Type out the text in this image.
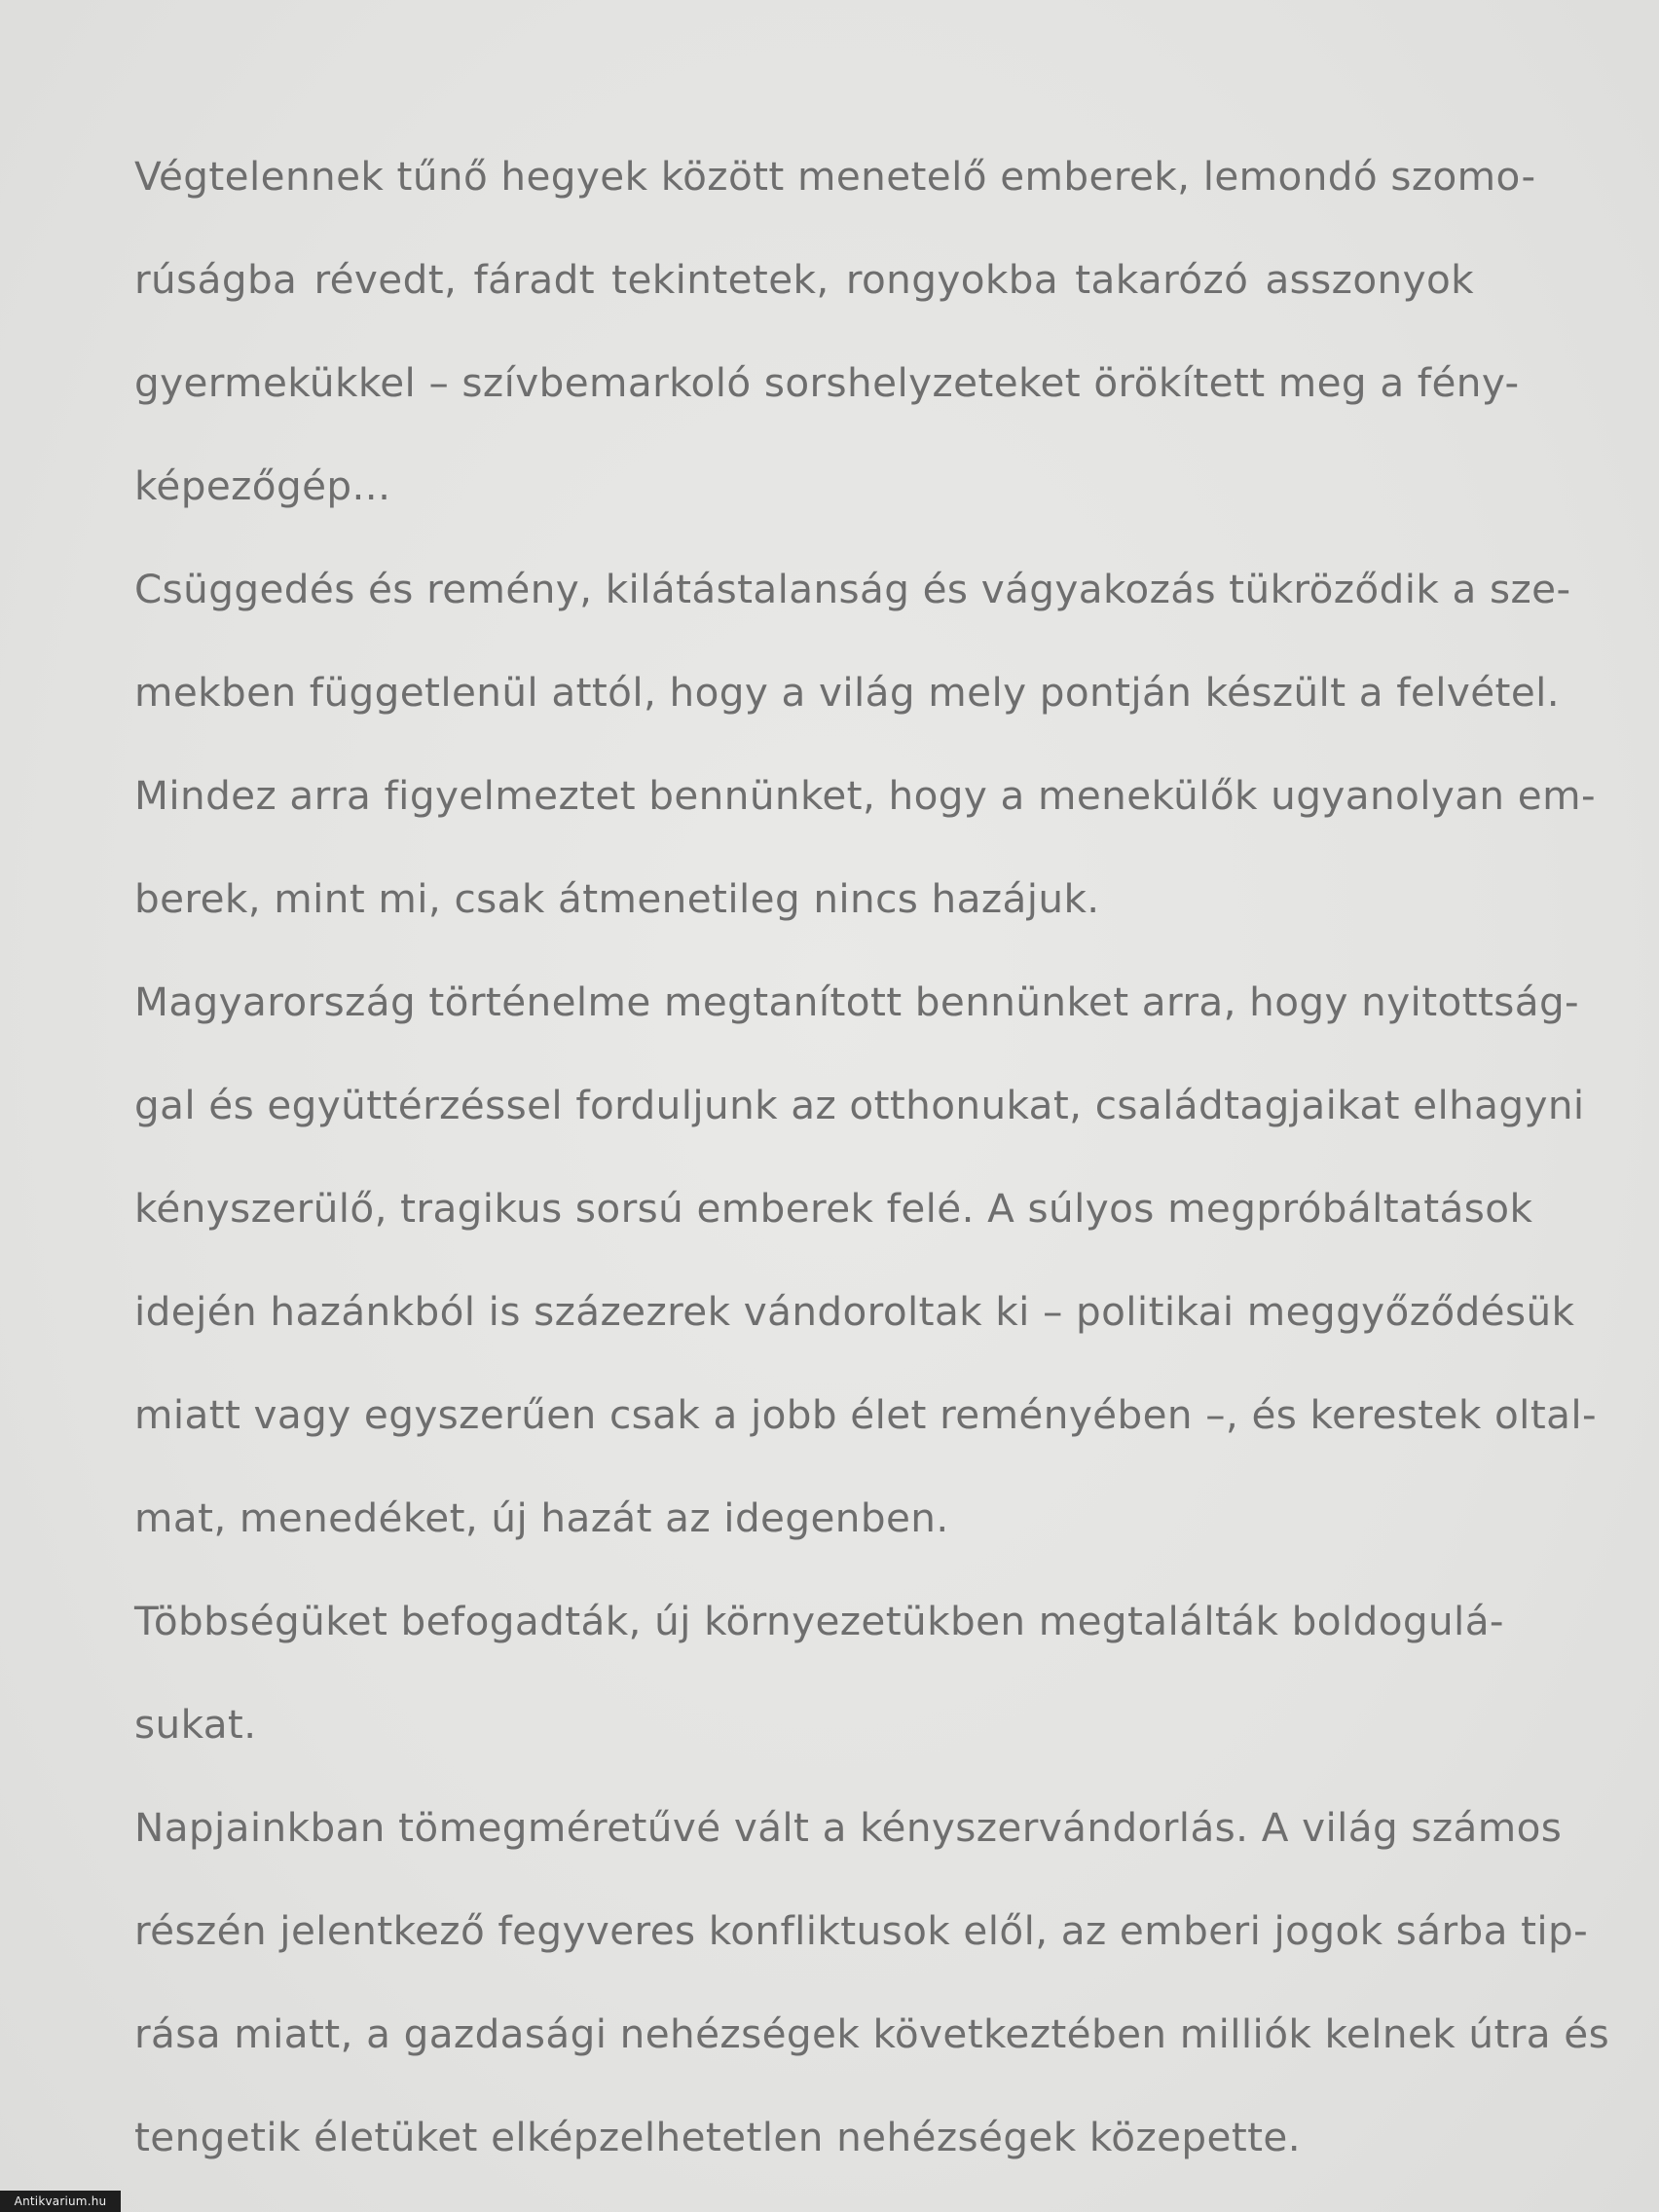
Végtelennek tűnő hegyek között menetelő emberek, lemondó szomo-
rúságba révedt, fáradt tekintetek, rongyokba takarózó asszonyok
gyermekükkel – szívbemarkoló sorshelyzeteket örökített meg a fény-
képezőgép...
Csüggedés és remény, kilátástalanság és vágyakozás tükröződik a sze-
mekben függetlenül attól, hogy a világ mely pontján készült a felvétel.
Mindez arra figyelmeztet bennünket, hogy a menekülők ugyanolyan em-
berek, mint mi, csak átmenetileg nincs hazájuk.
Magyarország történelme megtanított bennünket arra, hogy nyitottság-
gal és együttérzéssel forduljunk az otthonukat, családtagjaikat elhagyni
kényszerülő, tragikus sorsú emberek felé. A súlyos megpróbáltatások
idején hazánkból is százezrek vándoroltak ki – politikai meggyőződésük
miatt vagy egyszerűen csak a jobb élet reményében –, és kerestek oltal-
mat, menedéket, új hazát az idegenben.
Többségüket befogadták, új környezetükben megtalálták boldogulá-
sukat.
Napjainkban tömegméretűvé vált a kényszervándorlás. A világ számos
részén jelentkező fegyveres konfliktusok elől, az emberi jogok sárba tip-
rása miatt, a gazdasági nehézségek következtében milliók kelnek útra és
tengetik életüket elképzelhetetlen nehézségek közepette.
Antikvarium.hu
